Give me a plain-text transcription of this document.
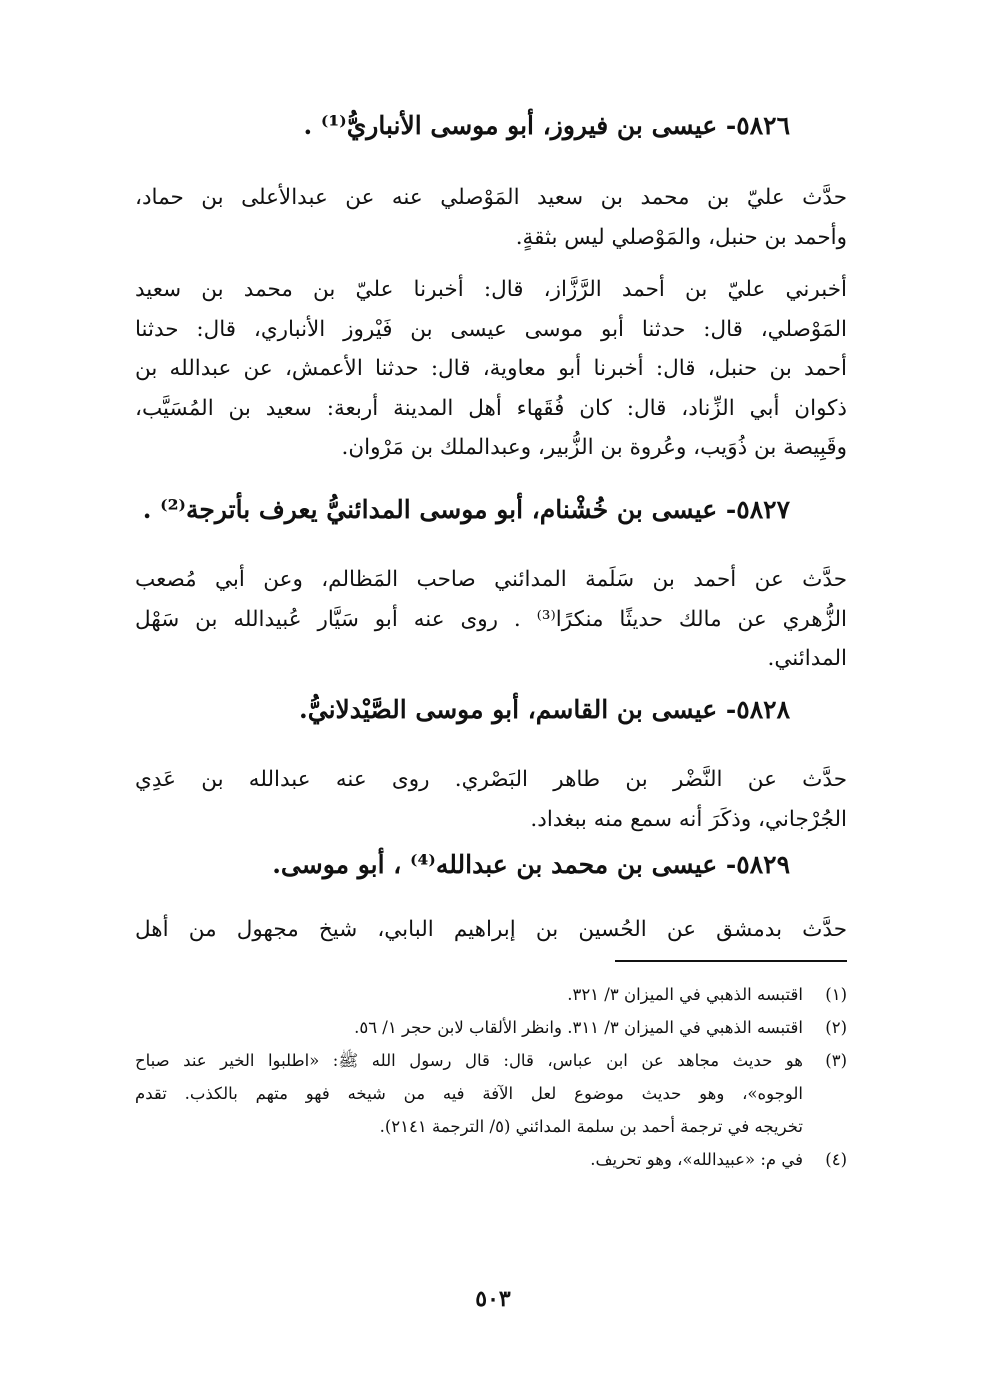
٥٨٢٦- عيسى بن فيروز، أبو موسى الأنباريُّ⁽¹⁾ .
حدَّث عليّ بن محمد بن سعيد المَوْصلي عنه عن عبدالأعلى بن حماد،
وأحمد بن حنبل، والمَوْصلي ليس بثقةٍ.
أخبرني عليّ بن أحمد الرَّزَّاز، قال: أخبرنا عليّ بن محمد بن سعيد
المَوْصلي، قال: حدثنا أبو موسى عيسى بن فَيْروز الأنباري، قال: حدثنا
أحمد بن حنبل، قال: أخبرنا أبو معاوية، قال: حدثنا الأعمش، عن عبدالله بن
ذكوان أبي الزِّناد، قال: كان فُقَهاء أهل المدينة أربعة: سعيد بن المُسَيَّب،
وقَبِيصة بن ذُوَيب، وعُروة بن الزُّبير، وعبدالملك بن مَرْوان.
٥٨٢٧- عيسى بن خُشْنام، أبو موسى المدائنيُّ يعرف بأترجة⁽²⁾ .
حدَّث عن أحمد بن سَلَمة المدائني صاحب المَظالم، وعن أبي مُصعب
الزُّهري عن مالك حديثًا منكرًا⁽³⁾ . روى عنه أبو سَيَّار عُبيدالله بن سَهْل
المدائني.
٥٨٢٨- عيسى بن القاسم، أبو موسى الصَّيْدلانيُّ.
حدَّث عن النَّضْر بن طاهر البَصْري. روى عنه عبدالله بن عَدِي
الجُرْجاني، وذكَرَ أنه سمع منه ببغداد.
٥٨٢٩- عيسى بن محمد بن عبدالله⁽⁴⁾ ، أبو موسى.
حدَّث بدمشق عن الحُسين بن إبراهيم البابي، شيخ مجهول من أهل
(١)
اقتبسه الذهبي في الميزان ٣/ ٣٢١.
(٢)
اقتبسه الذهبي في الميزان ٣/ ٣١١. وانظر الألقاب لابن حجر ١/ ٥٦.
(٣)
هو حديث مجاهد عن ابن عباس، قال: قال رسول الله ﷺ: «اطلبوا الخير عند صباح
الوجوه»، وهو حديث موضوع لعل الآفة فيه من شيخه فهو متهم بالكذب. تقدم
تخريجه في ترجمة أحمد بن سلمة المدائني (٥/ الترجمة ٢١٤١).
(٤)
في م: «عبيدالله»، وهو تحريف.
٥٠٣
